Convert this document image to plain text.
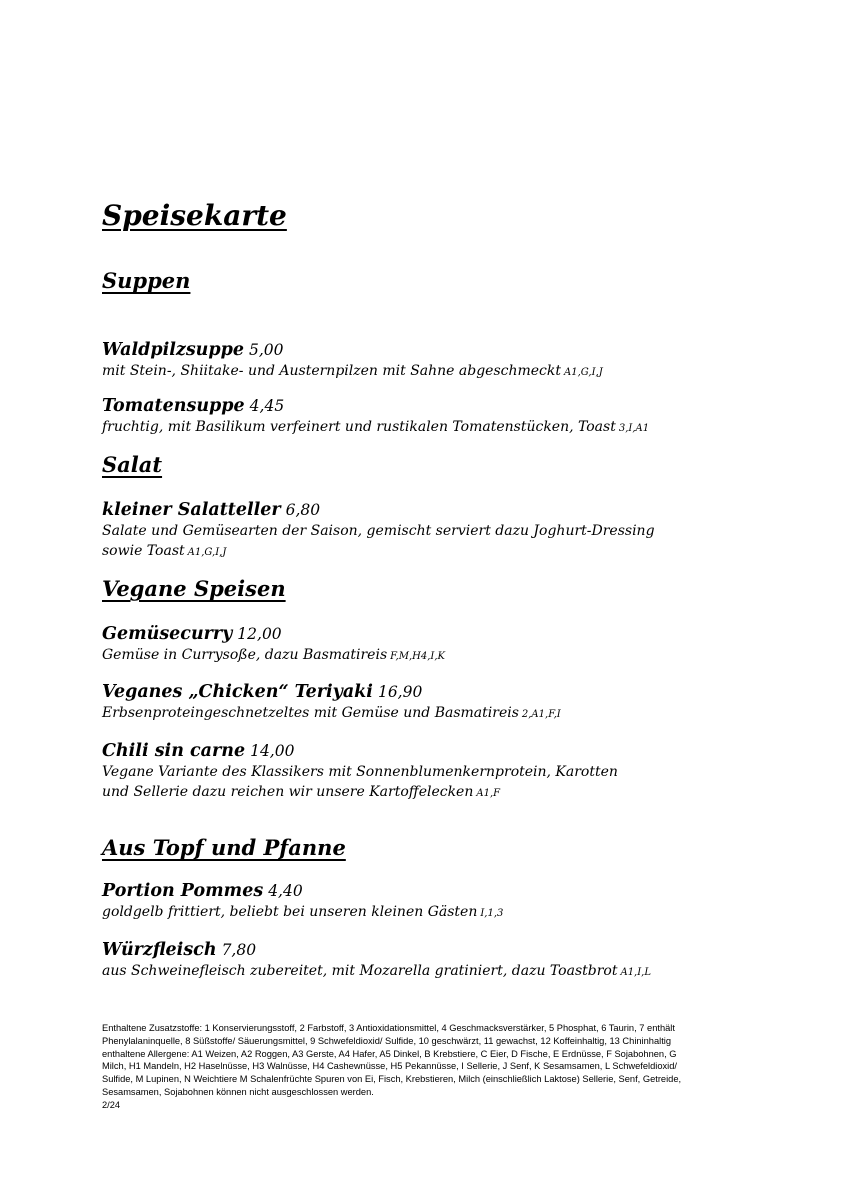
Speisekarte
Suppen
Waldpilzsuppe 5,00
mit Stein-, Shiitake- und Austernpilzen mit Sahne abgeschmeckt A1,G,I,J
Tomatensuppe 4,45
fruchtig, mit Basilikum verfeinert und rustikalen Tomatenstücken, Toast 3,I,A1
Salat
kleiner Salatteller 6,80
Salate und Gemüsearten der Saison, gemischt serviert dazu Joghurt-Dressing
sowie Toast A1,G,I,J
Vegane Speisen
Gemüsecurry 12,00
Gemüse in Currysoße, dazu Basmatireis F,M,H4,I,K
Veganes „Chicken“ Teriyaki 16,90
Erbsenproteingeschnetzeltes mit Gemüse und Basmatireis 2,A1,F,I
Chili sin carne 14,00
Vegane Variante des Klassikers mit Sonnenblumenkernprotein, Karotten
und Sellerie dazu reichen wir unsere Kartoffelecken A1,F
Aus Topf und Pfanne
Portion Pommes 4,40
goldgelb frittiert, beliebt bei unseren kleinen Gästen I,1,3
Würzfleisch 7,80
aus Schweinefleisch zubereitet, mit Mozarella gratiniert, dazu Toastbrot A1,I,L

Enthaltene Zusatzstoffe: 1 Konservierungsstoff, 2 Farbstoff, 3 Antioxidationsmittel, 4 Geschmacksverstärker, 5 Phosphat, 6 Taurin, 7 enthält

Phenylalaninquelle, 8 Süßstoffe/ Säuerungsmittel, 9 Schwefeldioxid/ Sulfide, 10 geschwärzt, 11 gewachst, 12 Koffeinhaltig, 13 Chininhaltig

enthaltene Allergene: A1 Weizen, A2 Roggen, A3 Gerste, A4 Hafer, A5 Dinkel, B Krebstiere, C Eier, D Fische, E Erdnüsse, F Sojabohnen, G

Milch, H1 Mandeln, H2 Haselnüsse, H3 Walnüsse, H4 Cashewnüsse, H5 Pekannüsse, I Sellerie, J Senf, K Sesamsamen, L Schwefeldioxid/

Sulfide, M Lupinen, N Weichtiere M Schalenfrüchte Spuren von Ei, Fisch, Krebstieren, Milch (einschließlich Laktose) Sellerie, Senf, Getreide,

Sesamsamen, Sojabohnen können nicht ausgeschlossen werden.

2/24
